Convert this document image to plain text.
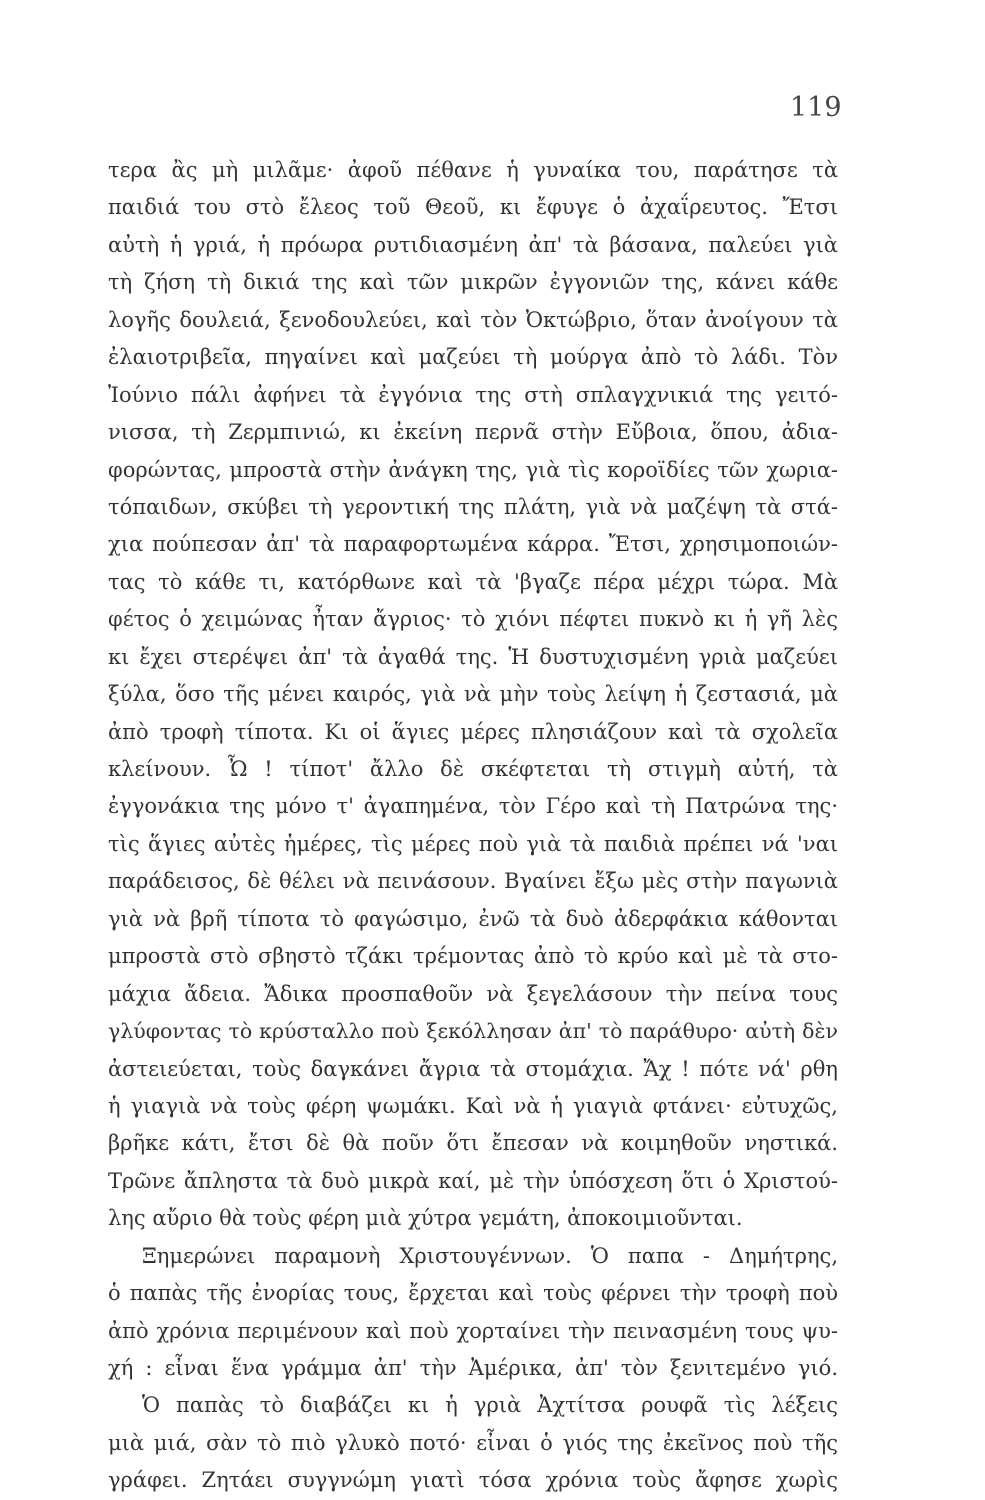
119
τερα ἂς μὴ μιλᾶμε· ἀφοῦ πέθανε ἡ γυναίκα του, παράτησε τὰ
παιδιά του στὸ ἔλεος τοῦ Θεοῦ, κι ἔφυγε ὁ ἀχαΐρευτος. Ἔτσι
αὐτὴ ἡ γριά, ἡ πρόωρα ρυτιδιασμένη ἀπ' τὰ βάσανα, παλεύει γιὰ
τὴ ζήση τὴ δικιά της καὶ τῶν μικρῶν ἐγγονιῶν της, κάνει κάθε
λογῆς δουλειά, ξενοδουλεύει, καὶ τὸν Ὀκτώβριο, ὅταν ἀνοίγουν τὰ
ἐλαιοτριβεῖα, πηγαίνει καὶ μαζεύει τὴ μούργα ἀπὸ τὸ λάδι. Τὸν
Ἰούνιο πάλι ἀφήνει τὰ ἐγγόνια της στὴ σπλαγχνικιά της γειτό-
νισσα, τὴ Ζερμπινιώ, κι ἐκείνη περνᾶ στὴν Εὔβοια, ὅπου, ἀδια-
φορώντας, μπροστὰ στὴν ἀνάγκη της, γιὰ τὶς κοροϊδίες τῶν χωρια-
τόπαιδων, σκύβει τὴ γεροντική της πλάτη, γιὰ νὰ μαζέψη τὰ στά-
χια πούπεσαν ἀπ' τὰ παραφορτωμένα κάρρα. Ἔτσι, χρησιμοποιών-
τας τὸ κάθε τι, κατόρθωνε καὶ τὰ 'βγαζε πέρα μέχρι τώρα. Μὰ
φέτος ὁ χειμώνας ἦταν ἄγριος· τὸ χιόνι πέφτει πυκνὸ κι ἡ γῆ λὲς
κι ἔχει στερέψει ἀπ' τὰ ἀγαθά της. Ἡ δυστυχισμένη γριὰ μαζεύει
ξύλα, ὅσο τῆς μένει καιρός, γιὰ νὰ μὴν τοὺς λείψη ἡ ζεστασιά, μὰ
ἀπὸ τροφὴ τίποτα. Κι οἱ ἅγιες μέρες πλησιάζουν καὶ τὰ σχολεῖα
κλείνουν. Ὦ ! τίποτ' ἄλλο δὲ σκέφτεται τὴ στιγμὴ αὐτή, τὰ
ἐγγονάκια της μόνο τ' ἀγαπημένα, τὸν Γέρο καὶ τὴ Πατρώνα της·
τὶς ἅγιες αὐτὲς ἡμέρες, τὶς μέρες ποὺ γιὰ τὰ παιδιὰ πρέπει νά 'ναι
παράδεισος, δὲ θέλει νὰ πεινάσουν. Βγαίνει ἔξω μὲς στὴν παγωνιὰ
γιὰ νὰ βρῆ τίποτα τὸ φαγώσιμο, ἐνῶ τὰ δυὸ ἀδερφάκια κάθονται
μπροστὰ στὸ σβηστὸ τζάκι τρέμοντας ἀπὸ τὸ κρύο καὶ μὲ τὰ στο-
μάχια ἄδεια. Ἄδικα προσπαθοῦν νὰ ξεγελάσουν τὴν πείνα τους
γλύφοντας τὸ κρύσταλλο ποὺ ξεκόλλησαν ἀπ' τὸ παράθυρο· αὐτὴ δὲν
ἀστειεύεται, τοὺς δαγκάνει ἄγρια τὰ στομάχια. Ἄχ ! πότε νά' ρθη
ἡ γιαγιὰ νὰ τοὺς φέρη ψωμάκι. Καὶ νὰ ἡ γιαγιὰ φτάνει· εὐτυχῶς,
βρῆκε κάτι, ἔτσι δὲ θὰ ποῦν ὅτι ἔπεσαν νὰ κοιμηθοῦν νηστικά.
Τρῶνε ἄπληστα τὰ δυὸ μικρὰ καί, μὲ τὴν ὑπόσχεση ὅτι ὁ Χριστού-
λης αὔριο θὰ τοὺς φέρη μιὰ χύτρα γεμάτη, ἀποκοιμιοῦνται.
Ξημερώνει παραμονὴ Χριστουγέννων. Ὁ παπα - Δημήτρης,
ὁ παπὰς τῆς ἐνορίας τους, ἔρχεται καὶ τοὺς φέρνει τὴν τροφὴ ποὺ
ἀπὸ χρόνια περιμένουν καὶ ποὺ χορταίνει τὴν πεινασμένη τους ψυ-
χή : εἶναι ἕνα γράμμα ἀπ' τὴν Ἀμέρικα, ἀπ' τὸν ξενιτεμένο γιό.
Ὁ παπὰς τὸ διαβάζει κι ἡ γριὰ Ἀχτίτσα ρουφᾶ τὶς λέξεις
μιὰ μιά, σὰν τὸ πιὸ γλυκὸ ποτό· εἶναι ὁ γιός της ἐκεῖνος ποὺ τῆς
γράφει. Ζητάει συγγνώμη γιατὶ τόσα χρόνια τοὺς ἄφησε χωρὶς
